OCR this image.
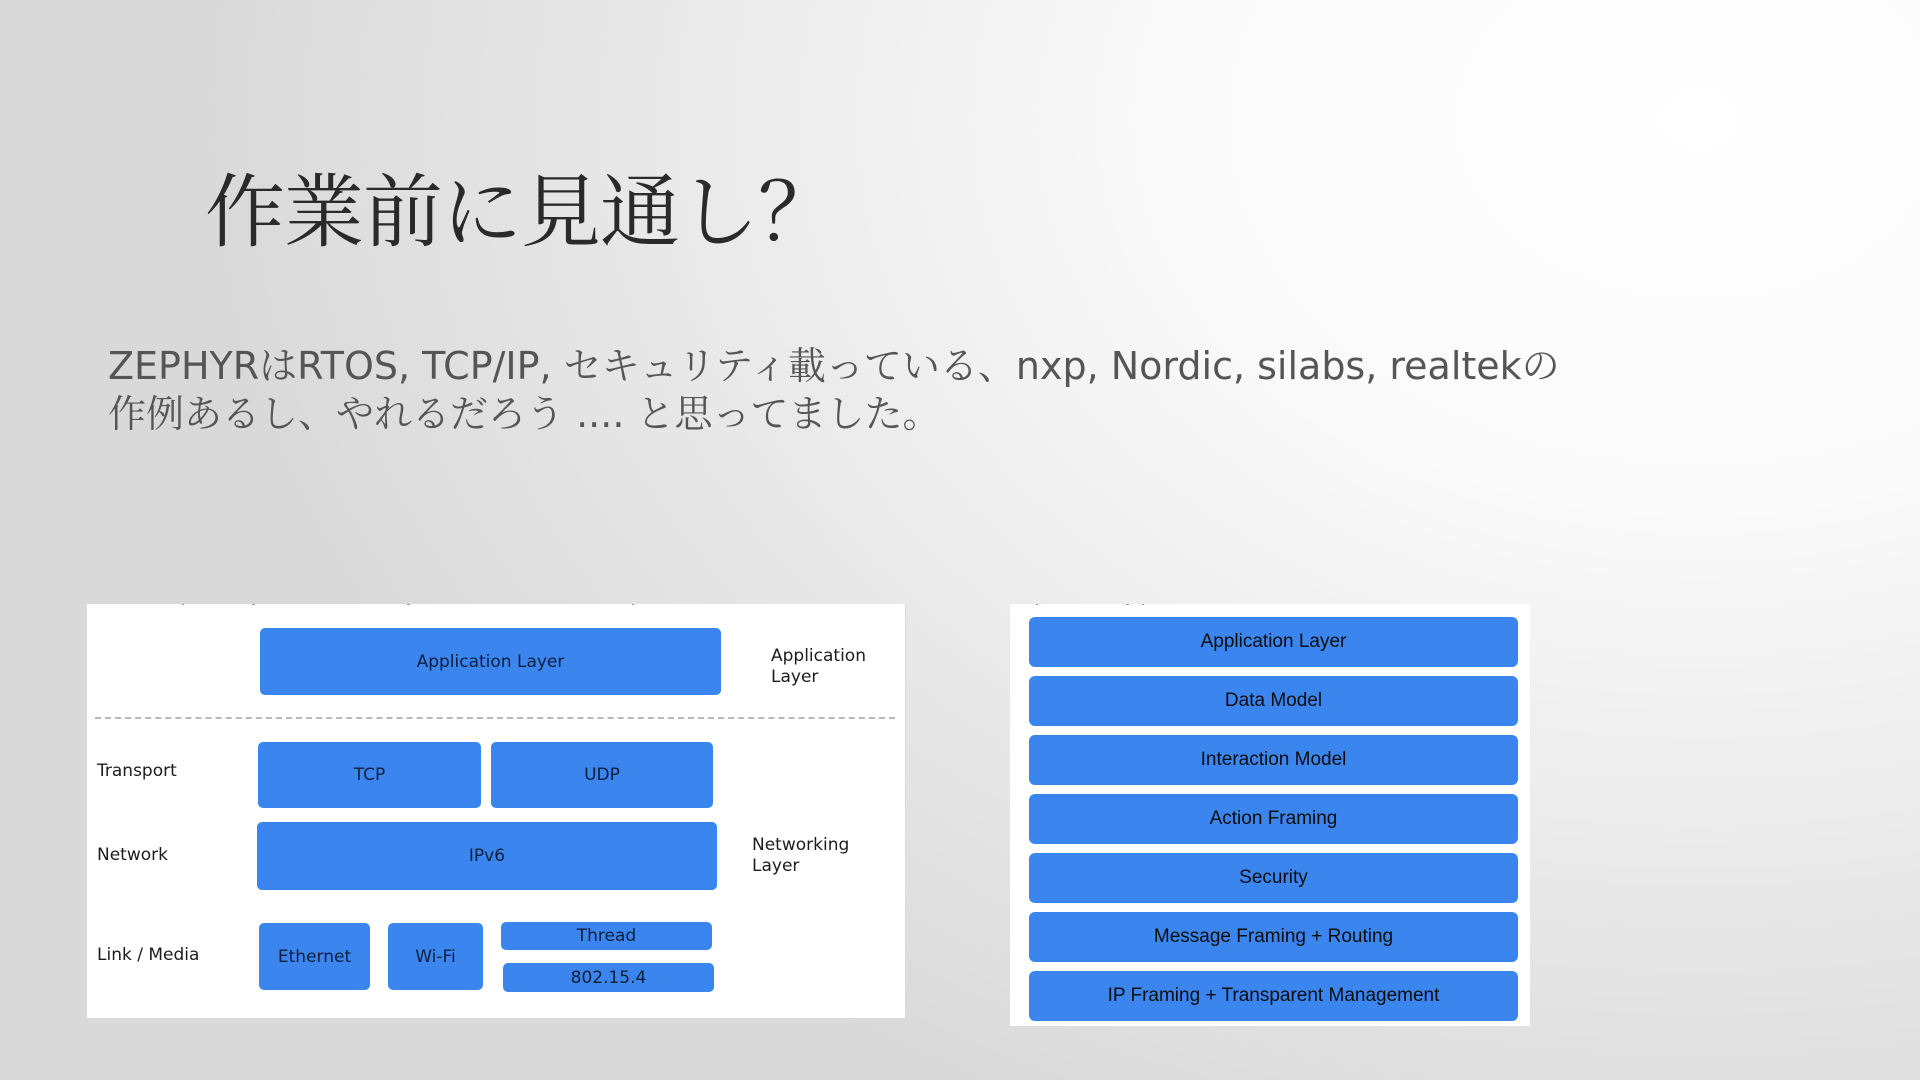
作業前に見通し？
ZEPHYRはRTOS, TCP/IP, セキュリティ載っている、nxp, Nordic, silabs, realtekの
作例あるし、やれるだろう .... と思ってました。
Application Layer	Application
Layer
Transport	TCP	UDP
Network	IPv6
Networking
Layer
Link / Media	Ethernet	Wi-Fi
Thread
802.15.4
Application Layer
Data Model
Interaction Model
Action Framing
Security
Message Framing + Routing
IP Framing + Transparent Management
